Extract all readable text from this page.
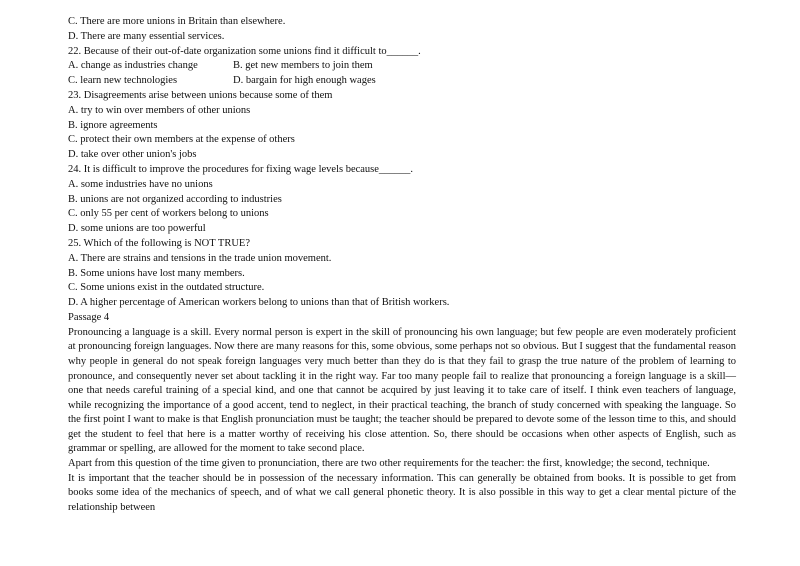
C. There are more unions in Britain than elsewhere.
D. There are many essential services.
22. Because of their out-of-date organization some unions find it difficult to______.
A. change as industries change	B. get new members to join them
C. learn new technologies	D. bargain for high enough wages
23. Disagreements arise between unions because some of them
A. try to win over members of other unions
B. ignore agreements
C. protect their own members at the expense of others
D. take over other union's jobs
24. It is difficult to improve the procedures for fixing wage levels because______.
A. some industries have no unions
B. unions are not organized according to industries
C. only 55 per cent of workers belong to unions
D. some unions are too powerful
25. Which of the following is NOT TRUE?
A. There are strains and tensions in the trade union movement.
B. Some unions have lost many members.
C. Some unions exist in the outdated structure.
D. A higher percentage of American workers belong to unions than that of British workers.
Passage 4
Pronouncing a language is a skill. Every normal person is expert in the skill of pronouncing his own language; but few people are even moderately proficient at pronouncing foreign languages. Now there are many reasons for this, some obvious, some perhaps not so obvious. But I suggest that the fundamental reason why people in general do not speak foreign languages very much better than they do is that they fail to grasp the true nature of the problem of learning to pronounce, and consequently never set about tackling it in the right way. Far too many people fail to realize that pronouncing a foreign language is a skill—one that needs careful training of a special kind, and one that cannot be acquired by just leaving it to take care of itself. I think even teachers of language, while recognizing the importance of a good accent, tend to neglect, in their practical teaching, the branch of study concerned with speaking the language. So the first point I want to make is that English pronunciation must be taught; the teacher should be prepared to devote some of the lesson time to this, and should get the student to feel that here is a matter worthy of receiving his close attention. So, there should be occasions when other aspects of English, such as grammar or spelling, are allowed for the moment to take second place.
Apart from this question of the time given to pronunciation, there are two other requirements for the teacher: the first, knowledge; the second, technique.
It is important that the teacher should be in possession of the necessary information. This can generally be obtained from books. It is possible to get from books some idea of the mechanics of speech, and of what we call general phonetic theory. It is also possible in this way to get a clear mental picture of the relationship between
